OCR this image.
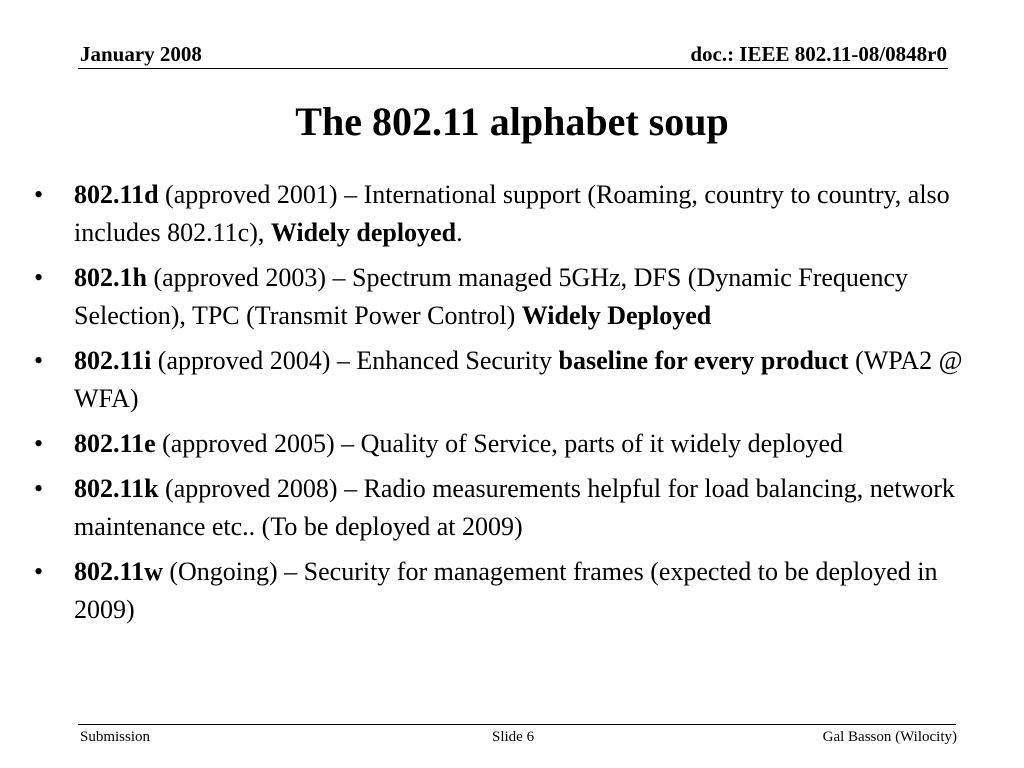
January 2008	doc.: IEEE 802.11-08/0848r0
The 802.11 alphabet soup
•	802.11d (approved 2001) – International support (Roaming, country to country, also includes 802.11c), Widely deployed.
•	802.1h (approved 2003) – Spectrum managed 5GHz, DFS (Dynamic Frequency Selection), TPC (Transmit Power Control) Widely Deployed
•	802.11i (approved 2004) – Enhanced Security baseline for every product (WPA2 @ WFA)
•	802.11e (approved 2005) – Quality of Service, parts of it widely deployed
•	802.11k (approved 2008) – Radio measurements helpful for load balancing, network maintenance etc.. (To be deployed at 2009)
•	802.11w (Ongoing) – Security for management frames (expected to be deployed in 2009)
Submission	Slide 6	Gal Basson (Wilocity)
